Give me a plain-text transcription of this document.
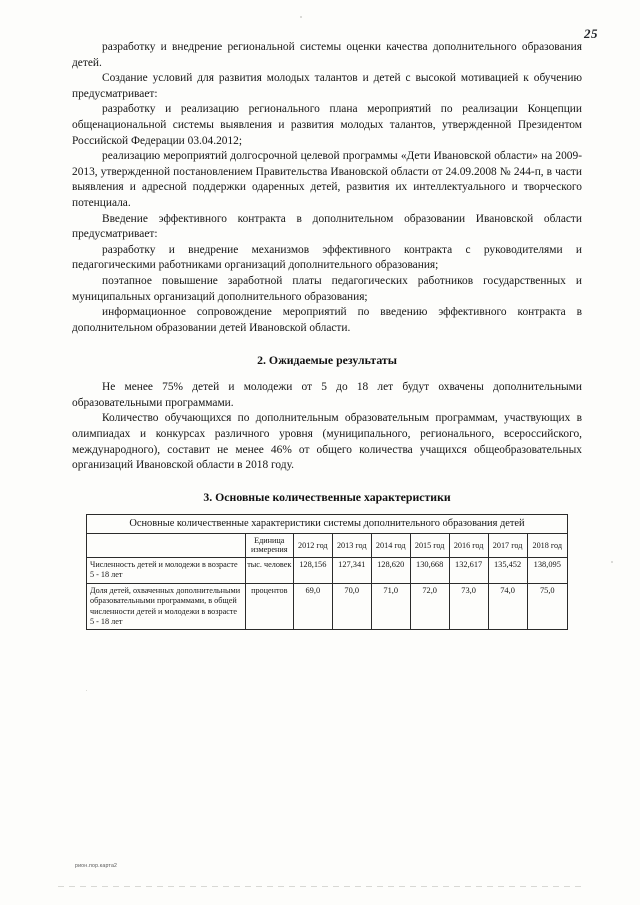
25

разработку и внедрение региональной системы оценки качества дополнительного образования детей.

Создание условий для развития молодых талантов и детей с высокой мотивацией к обучению предусматривает:

разработку и реализацию регионального плана мероприятий по реализации Концепции общенациональной системы выявления и развития молодых талантов, утвержденной Президентом Российской Федерации 03.04.2012;

реализацию мероприятий долгосрочной целевой программы «Дети Ивановской области» на 2009-2013, утвержденной постановлением Правительства Ивановской области от 24.09.2008 № 244-п, в части выявления и адресной поддержки одаренных детей, развития их интеллектуального и творческого потенциала.

Введение эффективного контракта в дополнительном образовании Ивановской области предусматривает:

разработку и внедрение механизмов эффективного контракта с руководителями и педагогическими работниками организаций дополнительного образования;

поэтапное повышение заработной платы педагогических работников государственных и муниципальных организаций дополнительного образования;

информационное сопровождение мероприятий по введению эффективного контракта в дополнительном образовании детей Ивановской области.

2. Ожидаемые результаты

Не менее 75% детей и молодежи от 5 до 18 лет будут охвачены дополнительными образовательными программами.

Количество обучающихся по дополнительным образовательным программам, участвующих в олимпиадах и конкурсах различного уровня (муниципального, регионального, всероссийского, международного), составит не менее 46% от общего количества учащихся общеобразовательных организаций Ивановской области в 2018 году.

3. Основные количественные характеристики
Основные количественные характеристики системы дополнительного образования детей								
	Единица измерения	2012 год	2013 год	2014 год	2015 год	2016 год	2017 год	2018 год
Численность детей и молодежи в возрасте 5 - 18 лет	тыс. человек	128,156	127,341	128,620	130,668	132,617	135,452	138,095
Доля детей, охваченных дополнительными образовательными программами, в общей численности детей и молодежи в возрасте 5 - 18 лет	процентов	69,0	70,0	71,0	72,0	73,0	74,0	75,0
рион.пор.карта2
